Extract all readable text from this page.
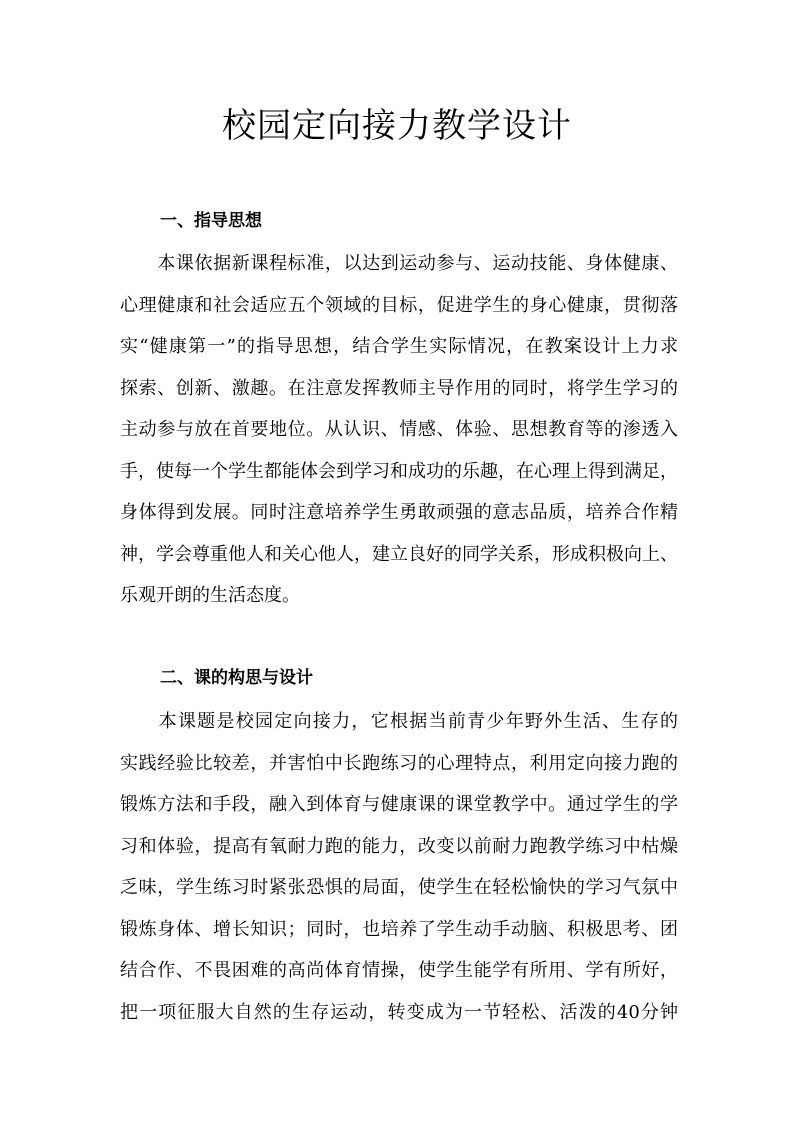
校园定向接力教学设计
一、指导思想
　　本课依据新课程标准，以达到运动参与、运动技能、身体健康、
心理健康和社会适应五个领域的目标，促进学生的身心健康，贯彻落
实“健康第一”的指导思想，结合学生实际情况，在教案设计上力求
探索、创新、激趣。在注意发挥教师主导作用的同时，将学生学习的
主动参与放在首要地位。从认识、情感、体验、思想教育等的渗透入
手，使每一个学生都能体会到学习和成功的乐趣，在心理上得到满足，
身体得到发展。同时注意培养学生勇敢顽强的意志品质，培养合作精
神，学会尊重他人和关心他人，建立良好的同学关系，形成积极向上、
乐观开朗的生活态度。
二、课的构思与设计
　　本课题是校园定向接力，它根据当前青少年野外生活、生存的
实践经验比较差，并害怕中长跑练习的心理特点，利用定向接力跑的
锻炼方法和手段，融入到体育与健康课的课堂教学中。通过学生的学
习和体验，提高有氧耐力跑的能力，改变以前耐力跑教学练习中枯燥
乏味，学生练习时紧张恐惧的局面，使学生在轻松愉快的学习气氛中
锻炼身体、增长知识；同时，也培养了学生动手动脑、积极思考、团
结合作、不畏困难的高尚体育情操，使学生能学有所用、学有所好，
把一项征服大自然的生存运动，转变成为一节轻松、活泼的40分钟
